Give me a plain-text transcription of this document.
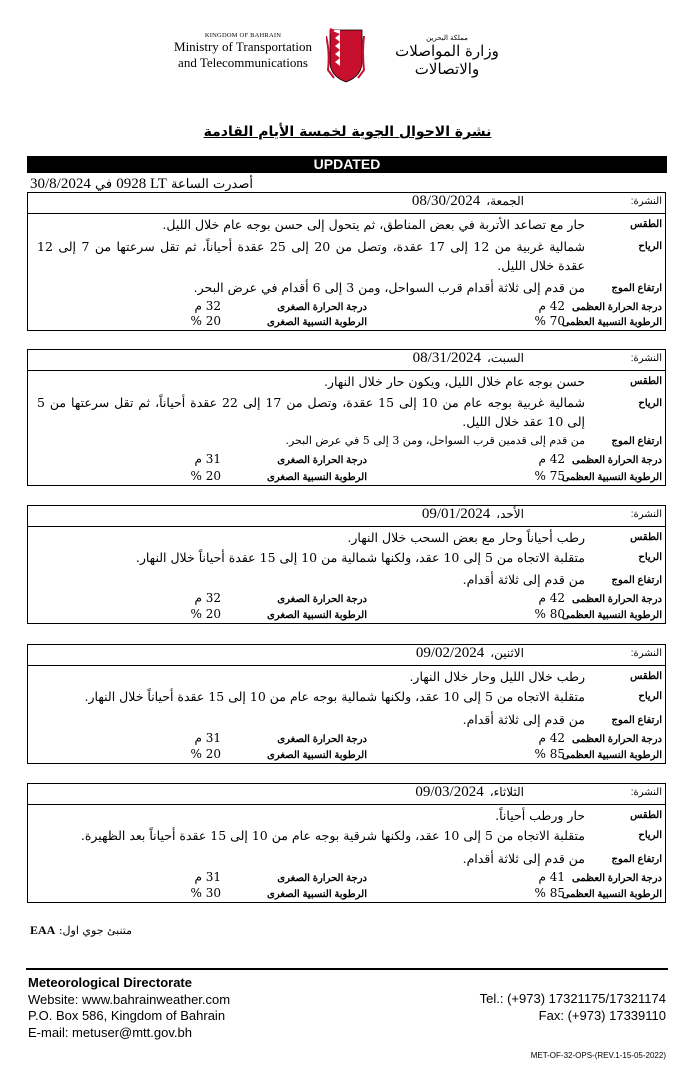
KINGDOM OF BAHRAIN
Ministry of Transportation
and Telecommunications
مملكة البحرين
وزارة المواصلات والاتصالات
نشرة الاحوال الجوية لخمسة الأيام القادمة
UPDATED
أصدرت الساعة 0928 LT في 30/8/2024
النشرة:
الجمعة،08/30/2024
الطقس
حار مع تصاعد الأتربة في بعض المناطق، ثم يتحول إلى حسن بوجه عام خلال الليل.
الرياح
شمالية غربية من 12 إلى 17 عقدة، وتصل من 20 إلى 25 عقدة أحياناً، ثم تقل سرعتها من 7 إلى 12 عقدة خلال الليل.
ارتفاع الموج
من قدم إلى ثلاثة أقدام قرب السواحل، ومن 3 إلى 6 أقدام في عرض البحر.
درجة الحرارة العظمى
42 م
درجة الحرارة الصغرى
32 م
الرطوبة النسبية العظمى
70 %
الرطوبة النسبية الصغرى
20 %
النشرة:
السبت،08/31/2024
الطقس
حسن بوجه عام خلال الليل، ويكون حار خلال النهار.
الرياح
شمالية غربية بوجه عام من 10 إلى 15 عقدة، وتصل من 17 إلى 22 عقدة أحياناً، ثم تقل سرعتها من 5 إلى 10 عقد خلال الليل.
ارتفاع الموج
من قدم إلى قدمين قرب السواحل، ومن 3 إلى 5 في عرض البحر.
درجة الحرارة العظمى
42 م
درجة الحرارة الصغرى
31 م
الرطوبة النسبية العظمى
75 %
الرطوبة النسبية الصغرى
20 %
النشرة:
الأحد،09/01/2024
الطقس
رطب أحياناً وحار مع بعض السحب خلال النهار.
الرياح
متقلبة الاتجاه من 5 إلى 10 عقد، ولكنها شمالية من 10 إلى 15 عقدة أحياناً خلال النهار.
ارتفاع الموج
من قدم إلى ثلاثة أقدام.
درجة الحرارة العظمى
42 م
درجة الحرارة الصغرى
32 م
الرطوبة النسبية العظمى
80 %
الرطوبة النسبية الصغرى
20 %
النشرة:
الاثنين،09/02/2024
الطقس
رطب خلال الليل وحار خلال النهار.
الرياح
متقلبة الاتجاه من 5 إلى 10 عقد، ولكنها شمالية بوجه عام من 10 إلى 15 عقدة أحياناً خلال النهار.
ارتفاع الموج
من قدم إلى ثلاثة أقدام.
درجة الحرارة العظمى
42 م
درجة الحرارة الصغرى
31 م
الرطوبة النسبية العظمى
85 %
الرطوبة النسبية الصغرى
20 %
النشرة:
الثلاثاء،09/03/2024
الطقس
حار ورطب أحياناً.
الرياح
متقلبة الاتجاه من 5 إلى 10 عقد، ولكنها شرقية بوجه عام من 10 إلى 15 عقدة أحياناً بعد الظهيرة.
ارتفاع الموج
من قدم إلى ثلاثة أقدام.
درجة الحرارة العظمى
41 م
درجة الحرارة الصغرى
31 م
الرطوبة النسبية العظمى
85 %
الرطوبة النسبية الصغرى
30 %
متنبئ جوي اول: EAA
Meteorological Directorate
Website: www.bahrainweather.com
P.O. Box 586, Kingdom of Bahrain
E-mail: metuser@mtt.gov.bh
Tel.: (+973) 17321175/17321174
Fax: (+973) 17339110
MET-OF-32-OPS-(REV.1-15-05-2022)
